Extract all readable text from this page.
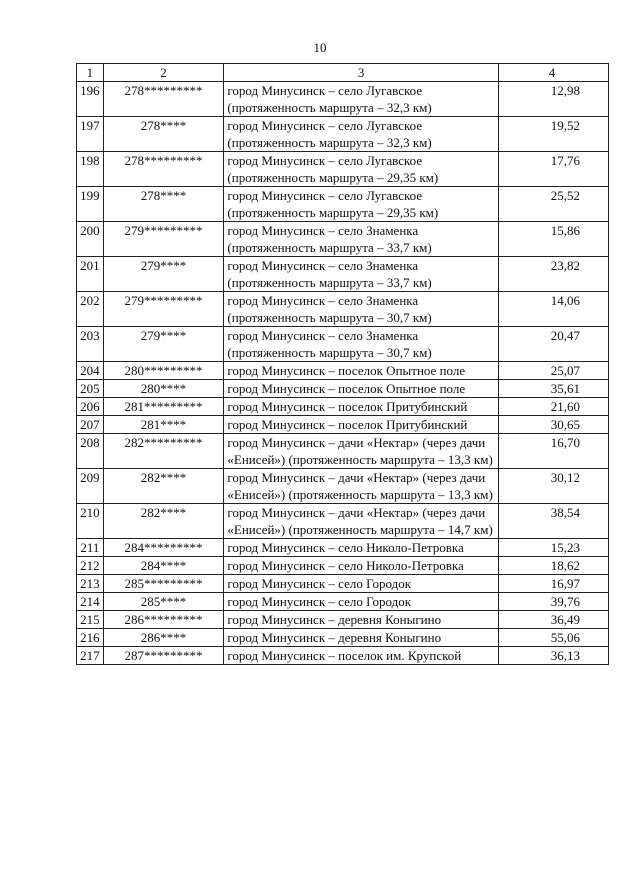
10
1	2	3	4
196	278*********	город Минусинск – село Лугавское (протяженность маршрута – 32,3 км)	12,98
197	278****	город Минусинск – село Лугавское (протяженность маршрута – 32,3 км)	19,52
198	278*********	город Минусинск – село Лугавское (протяженность маршрута – 29,35 км)	17,76
199	278****	город Минусинск – село Лугавское (протяженность маршрута – 29,35 км)	25,52
200	279*********	город Минусинск – село Знаменка (протяженность маршрута – 33,7 км)	15,86
201	279****	город Минусинск – село Знаменка (протяженность маршрута – 33,7 км)	23,82
202	279*********	город Минусинск – село Знаменка (протяженность маршрута – 30,7 км)	14,06
203	279****	город Минусинск – село Знаменка (протяженность маршрута – 30,7 км)	20,47
204	280*********	город Минусинск – поселок Опытное поле	25,07
205	280****	город Минусинск – поселок Опытное поле	35,61
206	281*********	город Минусинск – поселок Притубинский	21,60
207	281****	город Минусинск – поселок Притубинский	30,65
208	282*********	город Минусинск – дачи «Нектар» (через дачи «Енисей») (протяженность маршрута – 13,3 км)	16,70
209	282****	город Минусинск – дачи «Нектар» (через дачи «Енисей») (протяженность маршрута – 13,3 км)	30,12
210	282****	город Минусинск – дачи «Нектар» (через дачи «Енисей») (протяженность маршрута – 14,7 км)	38,54
211	284*********	город Минусинск – село Николо-Петровка	15,23
212	284****	город Минусинск – село Николо-Петровка	18,62
213	285*********	город Минусинск – село Городок	16,97
214	285****	город Минусинск – село Городок	39,76
215	286*********	город Минусинск – деревня Коныгино	36,49
216	286****	город Минусинск – деревня Коныгино	55,06
217	287*********	город Минусинск – поселок им. Крупской	36,13
